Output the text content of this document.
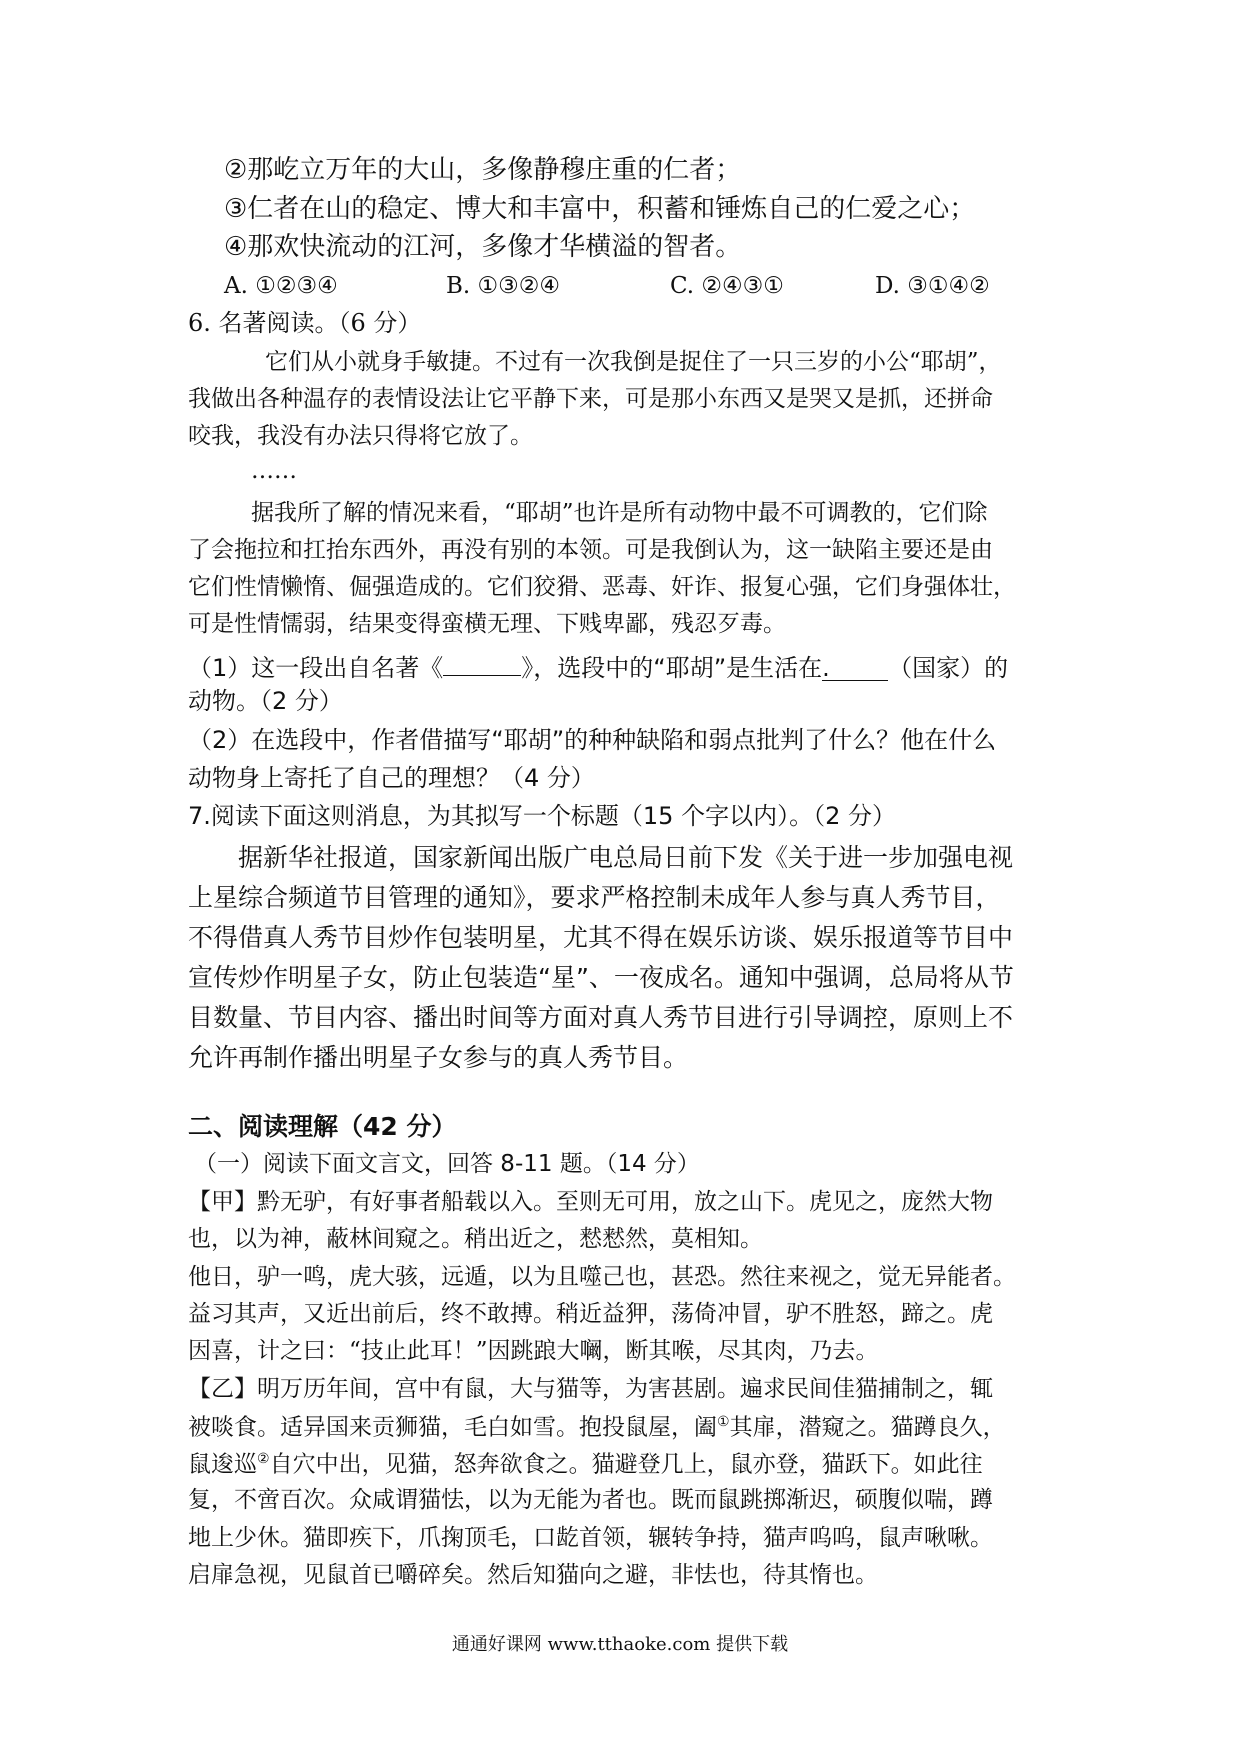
②那屹立万年的大山，多像静穆庄重的仁者；
③仁者在山的稳定、博大和丰富中，积蓄和锤炼自己的仁爱之心；
④那欢快流动的江河，多像才华横溢的智者。
A. ①②③④	B. ①③②④	C. ②④③①	D. ③①④②
6. 名著阅读。（6 分）
它们从小就身手敏捷。不过有一次我倒是捉住了一只三岁的小公“耶胡”，
我做出各种温存的表情设法让它平静下来，可是那小东西又是哭又是抓，还拼命
咬我，我没有办法只得将它放了。
……
据我所了解的情况来看，“耶胡”也许是所有动物中最不可调教的，它们除
了会拖拉和扛抬东西外，再没有别的本领。可是我倒认为，这一缺陷主要还是由
它们性情懒惰、倔强造成的。它们狡猾、恶毒、奸诈、报复心强，它们身强体壮，
可是性情懦弱，结果变得蛮横无理、下贱卑鄙，残忍歹毒。
（1）这一段出自名著《	》，选段中的“耶胡”是生活在. （国家）的
动物。（2 分）
（2）在选段中，作者借描写“耶胡”的种种缺陷和弱点批判了什么？他在什么
动物身上寄托了自己的理想？（4 分）
7.阅读下面这则消息，为其拟写一个标题（15 个字以内）。（2 分）
据新华社报道，国家新闻出版广电总局日前下发《关于进一步加强电视
上星综合频道节目管理的通知》，要求严格控制未成年人参与真人秀节目，
不得借真人秀节目炒作包装明星，尤其不得在娱乐访谈、娱乐报道等节目中
宣传炒作明星子女，防止包装造“星”、一夜成名。通知中强调，总局将从节
目数量、节目内容、播出时间等方面对真人秀节目进行引导调控，原则上不
允许再制作播出明星子女参与的真人秀节目。
二、阅读理解（42 分）
（一）阅读下面文言文，回答 8-11 题。（14 分）
【甲】黔无驴，有好事者船载以入。至则无可用，放之山下。虎见之，庞然大物
也，以为神，蔽林间窥之。稍出近之，慭慭然，莫相知。
他日，驴一鸣，虎大骇，远遁，以为且噬己也，甚恐。然往来视之，觉无异能者。
益习其声，又近出前后，终不敢搏。稍近益狎，荡倚冲冒，驴不胜怒，蹄之。虎
因喜，计之曰：“技止此耳！”因跳踉大㘎，断其喉，尽其肉，乃去。
【乙】明万历年间，宫中有鼠，大与猫等，为害甚剧。遍求民间佳猫捕制之，辄
被啖食。适异国来贡狮猫，毛白如雪。抱投鼠屋，阖①其扉，潜窥之。猫蹲良久，
鼠逡巡②自穴中出，见猫，怒奔欲食之。猫避登几上，鼠亦登，猫跃下。如此往
复，不啻百次。众咸谓猫怯，以为无能为者也。既而鼠跳掷渐迟，硕腹似喘，蹲
地上少休。猫即疾下，爪掬顶毛，口龁首领，辗转争持，猫声呜呜，鼠声啾啾。
启扉急视，见鼠首已嚼碎矣。然后知猫向之避，非怯也，待其惰也。
通通好课网 www.tthaoke.com 提供下载
